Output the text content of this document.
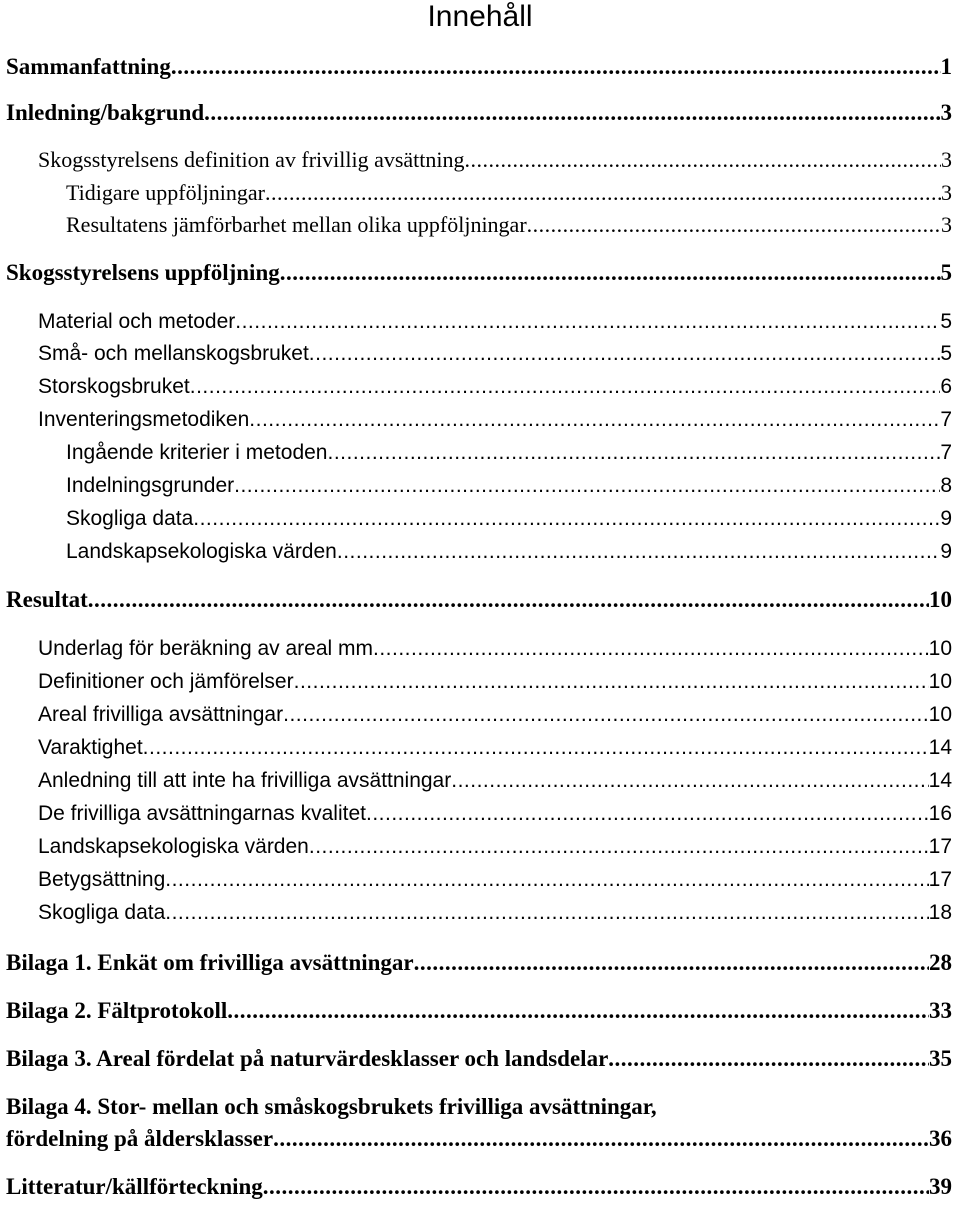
Innehåll
Sammanfattning .....	1
Inledning/bakgrund .....	3
Skogsstyrelsens definition av frivillig avsättning .....	3
Tidigare uppföljningar .....	3
Resultatens jämförbarhet mellan olika uppföljningar .....	3
Skogsstyrelsens uppföljning .....	5
Material och metoder .....	5
Små- och mellanskogsbruket .....	5
Storskogsbruket .....	6
Inventeringsmetodiken .....	7
Ingående kriterier i metoden .....	7
Indelningsgrunder .....	8
Skogliga data .....	9
Landskapsekologiska värden .....	9
Resultat .....	10
Underlag för beräkning av areal mm .....	10
Definitioner och jämförelser .....	10
Areal frivilliga avsättningar .....	10
Varaktighet .....	14
Anledning till att inte ha frivilliga avsättningar .....	14
De frivilliga avsättningarnas kvalitet .....	16
Landskapsekologiska värden .....	17
Betygsättning .....	17
Skogliga data .....	18
Bilaga 1. Enkät om frivilliga avsättningar .....	28
Bilaga 2. Fältprotokoll .....	33
Bilaga 3. Areal fördelat på naturvärdesklasser och landsdelar .....	35
Bilaga 4. Stor- mellan och småskogsbrukets frivilliga avsättningar,
fördelning på åldersklasser .....	36
Litteratur/källförteckning .....	39
